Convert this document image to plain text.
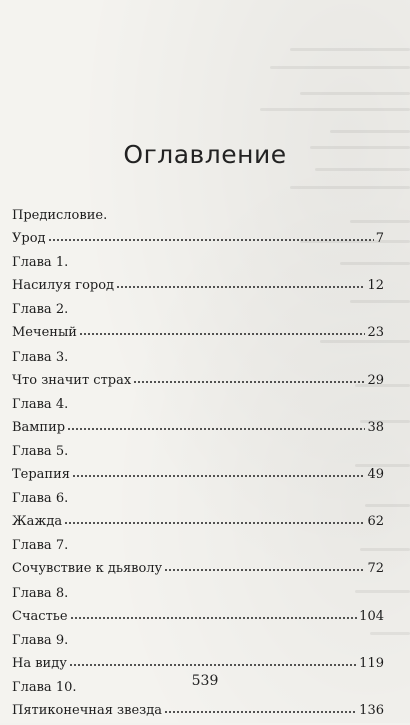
Оглавление
Предисловие.
Урод	7
Глава 1.
Насилуя город	12
Глава 2.
Меченый	23
Глава 3.
Что значит страх	29
Глава 4.
Вампир	38
Глава 5.
Терапия	49
Глава 6.
Жажда	62
Глава 7.
Сочувствие к дьяволу	72
Глава 8.
Счастье	104
Глава 9.
На виду	119
Глава 10.
Пятиконечная звезда	136
539
